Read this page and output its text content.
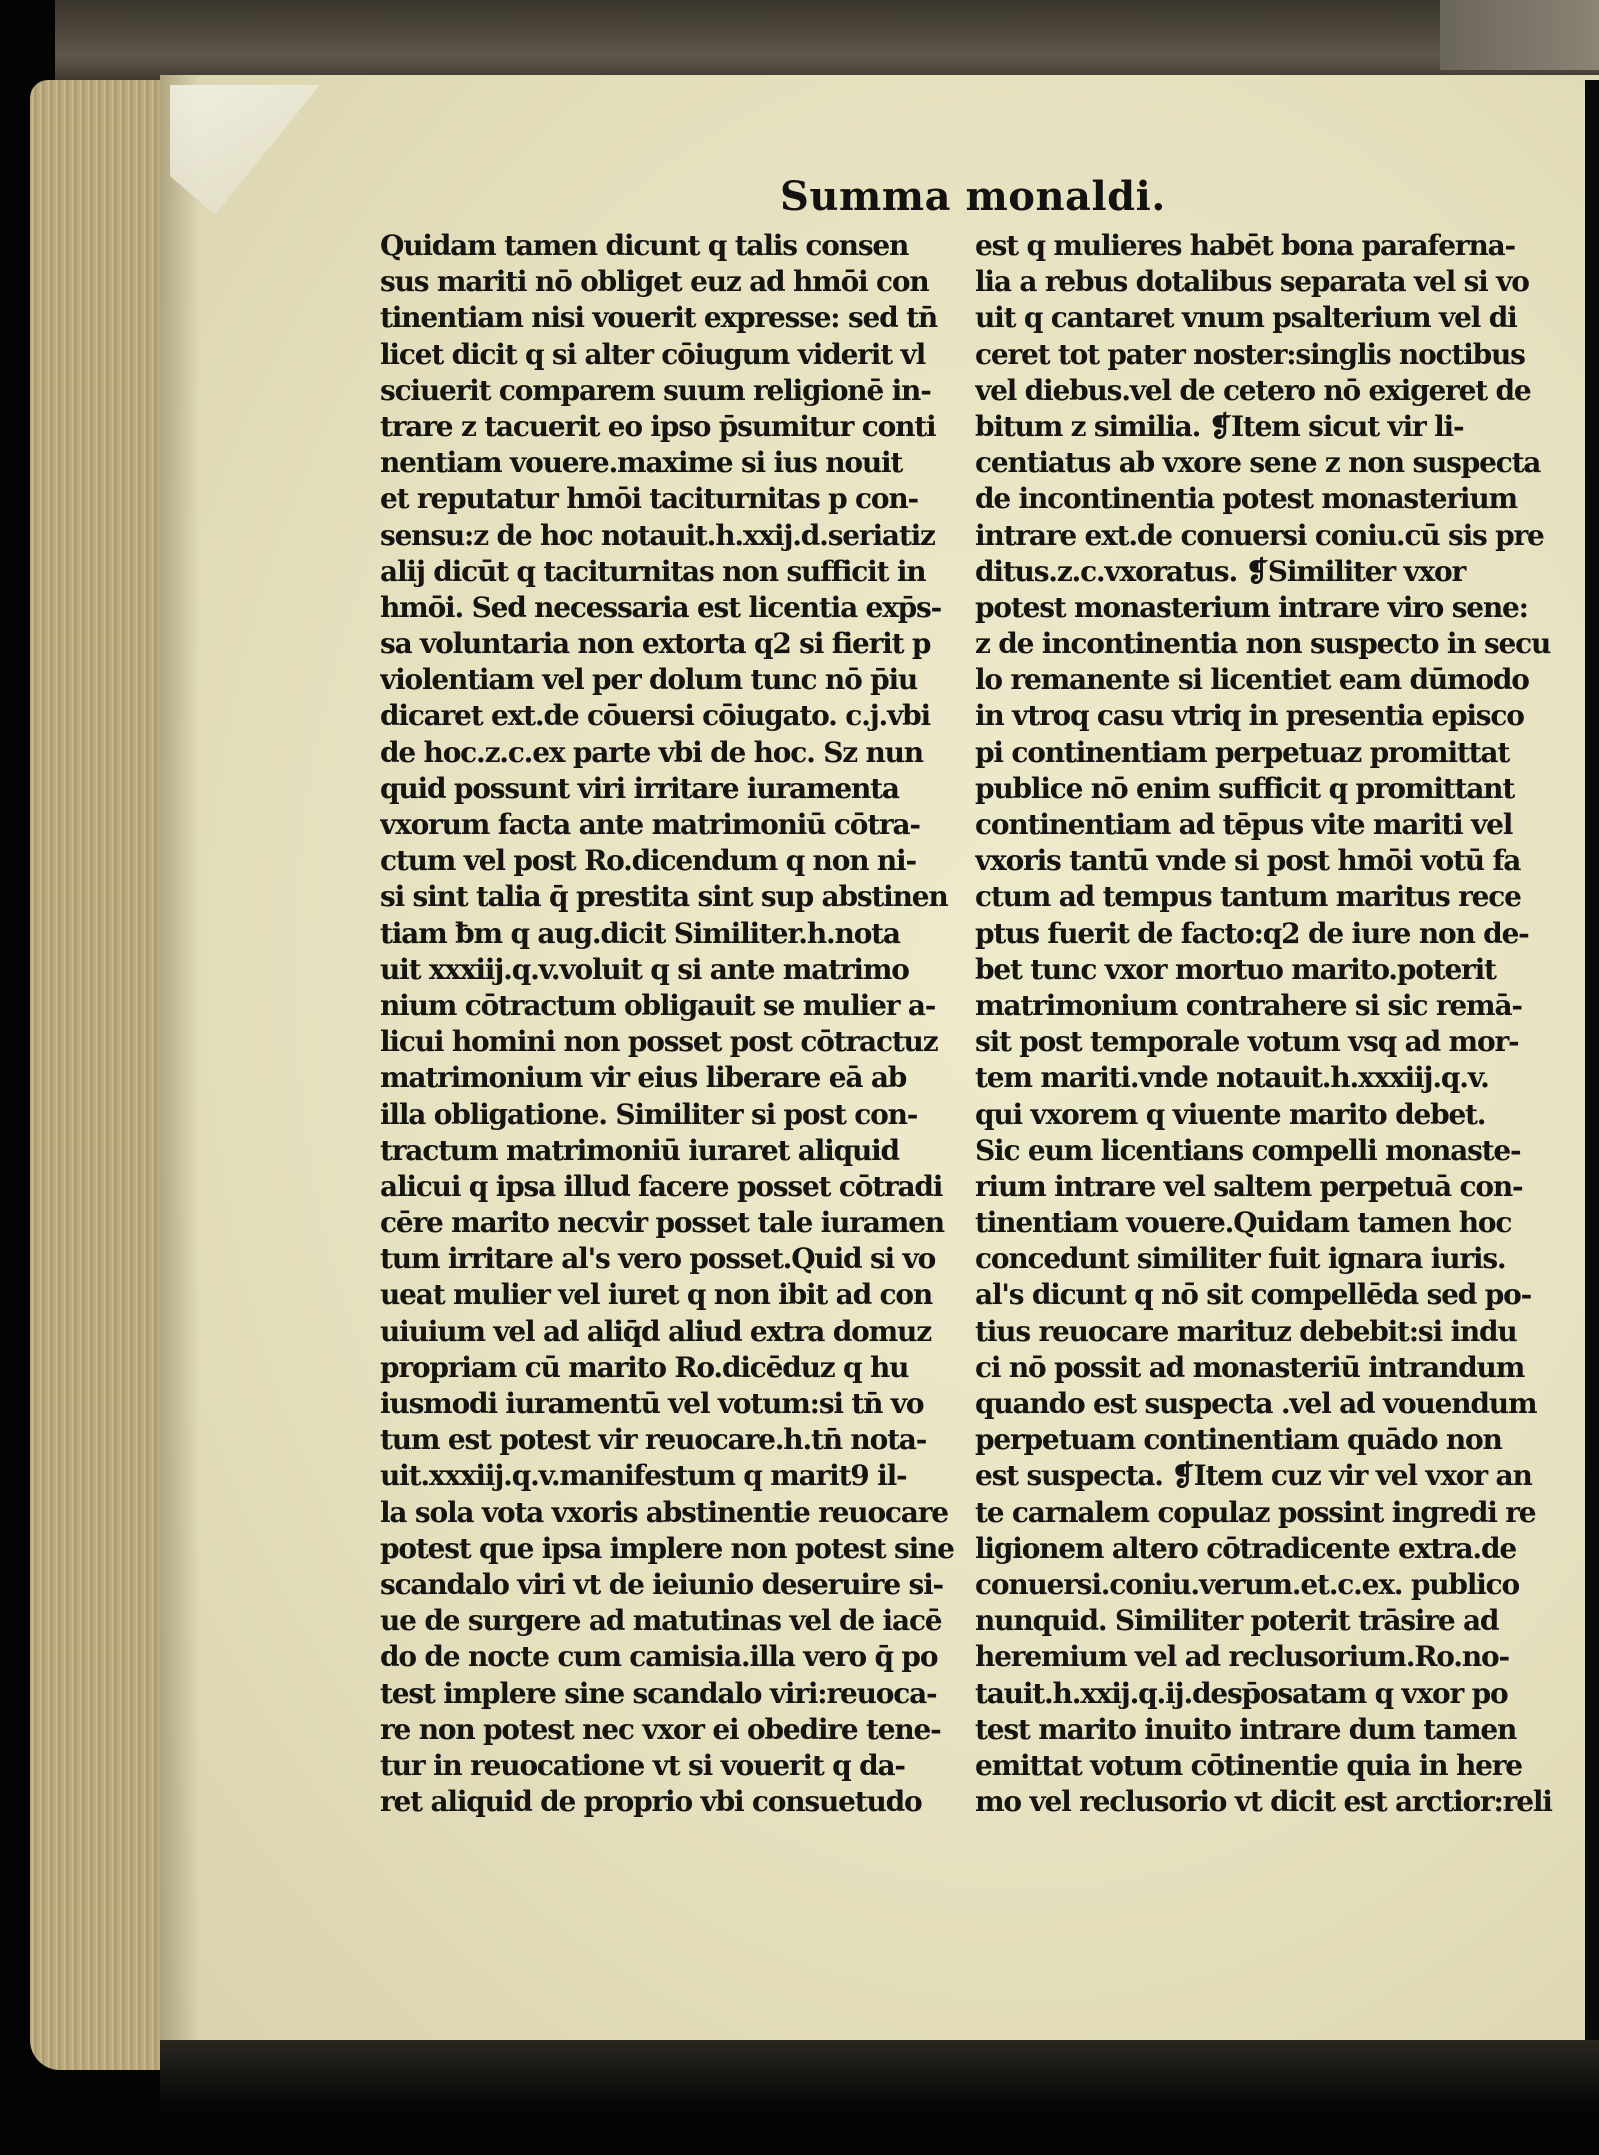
Summa monaldi.
Quidam tamen dicunt q talis consen
sus mariti nō obliget euz ad hmōi con
tinentiam nisi vouerit expresse: sed tn̄
licet dicit q si alter cōiugum viderit vl
sciuerit comparem suum religionē in-
trare z tacuerit eo ipso p̄sumitur conti
nentiam vouere.maxime si ius nouit
et reputatur hmōi taciturnitas p con-
sensu:z de hoc notauit.h.xxij.d.seriatiz
alij dicūt q taciturnitas non sufficit in
hmōi. Sed necessaria est licentia exp̄s-
sa voluntaria non extorta q2 si fierit p
violentiam vel per dolum tunc nō p̄iu
dicaret ext.de cōuersi cōiugato. c.j.vbi
de hoc.z.c.ex parte vbi de hoc. Sz nun
quid possunt viri irritare iuramenta
vxorum facta ante matrimoniū cōtra-
ctum vel post Ro.dicendum q non ni-
si sint talia q̄ prestita sint sup abstinen
tiam ƀm q aug.dicit Similiter.h.nota
uit xxxiij.q.v.voluit q si ante matrimo
nium cōtractum obligauit se mulier a-
licui homini non posset post cōtractuz
matrimonium vir eius liberare eā ab
illa obligatione. Similiter si post con-
tractum matrimoniū iuraret aliquid
alicui q ipsa illud facere posset cōtradi
cēre marito necvir posset tale iuramen
tum irritare al's vero posset.Quid si vo
ueat mulier vel iuret q non ibit ad con
uiuium vel ad aliq̄d aliud extra domuz
propriam cū marito Ro.dicēduz q hu
iusmodi iuramentū vel votum:si tn̄ vo
tum est potest vir reuocare.h.tn̄ nota-
uit.xxxiij.q.v.manifestum q marit9 il-
la sola vota vxoris abstinentie reuocare
potest que ipsa implere non potest sine
scandalo viri vt de ieiunio deseruire si-
ue de surgere ad matutinas vel de iacē
do de nocte cum camisia.illa vero q̄ po
test implere sine scandalo viri:reuoca-
re non potest nec vxor ei obedire tene-
tur in reuocatione vt si vouerit q da-
ret aliquid de proprio vbi consuetudo
est q mulieres habēt bona paraferna-
lia a rebus dotalibus separata vel si vo
uit q cantaret vnum psalterium vel di
ceret tot pater noster:singlis noctibus
vel diebus.vel de cetero nō exigeret de
bitum z similia. ❡Item sicut vir li-
centiatus ab vxore sene z non suspecta
de incontinentia potest monasterium
intrare ext.de conuersi coniu.cū sis pre
ditus.z.c.vxoratus. ❡Similiter vxor
potest monasterium intrare viro sene:
z de incontinentia non suspecto in secu
lo remanente si licentiet eam dūmodo
in vtroq casu vtriq in presentia episco
pi continentiam perpetuaz promittat
publice nō enim sufficit q promittant
continentiam ad tēpus vite mariti vel
vxoris tantū vnde si post hmōi votū fa
ctum ad tempus tantum maritus rece
ptus fuerit de facto:q2 de iure non de-
bet tunc vxor mortuo marito.poterit
matrimonium contrahere si sic remā-
sit post temporale votum vsq ad mor-
tem mariti.vnde notauit.h.xxxiij.q.v.
qui vxorem q viuente marito debet.
Sic eum licentians compelli monaste-
rium intrare vel saltem perpetuā con-
tinentiam vouere.Quidam tamen hoc
concedunt similiter fuit ignara iuris.
al's dicunt q nō sit compellēda sed po-
tius reuocare marituz debebit:si indu
ci nō possit ad monasteriū intrandum
quando est suspecta .vel ad vouendum
perpetuam continentiam quādo non
est suspecta. ❡Item cuz vir vel vxor an
te carnalem copulaz possint ingredi re
ligionem altero cōtradicente extra.de
conuersi.coniu.verum.et.c.ex. publico
nunquid. Similiter poterit trāsire ad
heremium vel ad reclusorium.Ro.no-
tauit.h.xxij.q.ij.desp̄osatam q vxor po
test marito inuito intrare dum tamen
emittat votum cōtinentie quia in here
mo vel reclusorio vt dicit est arctior:reli
